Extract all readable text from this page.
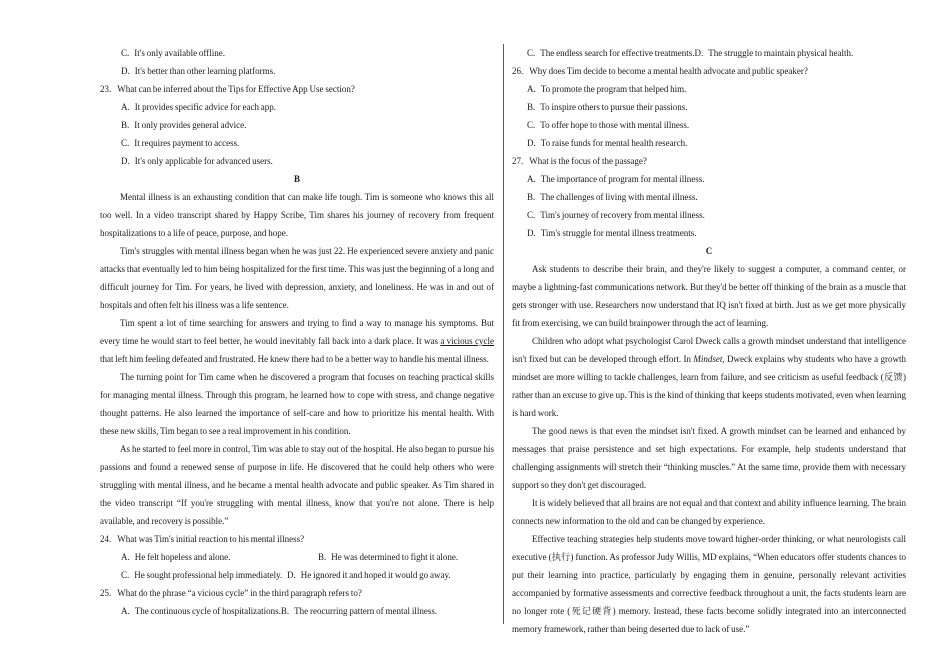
C. It's only available offline.
D. It's better than other learning platforms.
23. What can be inferred about the Tips for Effective App Use section?
A. It provides specific advice for each app.
B. It only provides general advice.
C. It requires payment to access.
D. It's only applicable for advanced users.
B

Mental illness is an exhausting condition that can make life tough. Tim is someone who knows this all too well. In a video transcript shared by Happy Scribe, Tim shares his journey of recovery from frequent hospitalizations to a life of peace, purpose, and hope.

Tim's struggles with mental illness began when he was just 22. He experienced severe anxiety and panic attacks that eventually led to him being hospitalized for the first time. This was just the beginning of a long and difficult journey for Tim. For years, he lived with depression, anxiety, and loneliness. He was in and out of hospitals and often felt his illness was a life sentence.

Tim spent a lot of time searching for answers and trying to find a way to manage his symptoms. But every time he would start to feel better, he would inevitably fall back into a dark place. It was a vicious cycle that left him feeling defeated and frustrated. He knew there had to be a better way to handle his mental illness.

The turning point for Tim came when he discovered a program that focuses on teaching practical skills for managing mental illness. Through this program, he learned how to cope with stress, and change negative thought patterns. He also learned the importance of self-care and how to prioritize his mental health. With these new skills, Tim began to see a real improvement in his condition.

As he started to feel more in control, Tim was able to stay out of the hospital. He also began to pursue his passions and found a renewed sense of purpose in life. He discovered that he could help others who were struggling with mental illness, and he became a mental health advocate and public speaker. As Tim shared in the video transcript “If you're struggling with mental illness, know that you're not alone. There is help available, and recovery is possible.”

24. What was Tim's initial reaction to his mental illness?
A. He felt hopeless and alone.	B. He was determined to fight it alone.
C. He sought professional help immediately. D. He ignored it and hoped it would go away.
25. What do the phrase “a vicious cycle” in the third paragraph refers to?
A. The continuous cycle of hospitalizations.B. The reocurring pattern of mental illness.
C. The endless search for effective treatments.D. The struggle to maintain physical health.
26. Why does Tim decide to become a mental health advocate and public speaker?
A. To promote the program that helped him.
B. To inspire others to pursue their passions.
C. To offer hope to those with mental illness.
D. To raise funds for mental health research.
27. What is the focus of the passage?
A. The importance of program for mental illness.
B. The challenges of living with mental illness.
C. Tim's journey of recovery from mental illness.
D. Tim's struggle for mental illness treatments.
C

Ask students to describe their brain, and they're likely to suggest a computer, a command center, or maybe a lightning-fast communications network. But they'd be better off thinking of the brain as a muscle that gets stronger with use. Researchers now understand that IQ isn't fixed at birth. Just as we get more physically fit from exercising, we can build brainpower through the act of learning.

Children who adopt what psychologist Carol Dweck calls a growth mindset understand that intelligence isn't fixed but can be developed through effort. In Mindset, Dweck explains why students who have a growth mindset are more willing to tackle challenges, learn from failure, and see criticism as useful feedback (反馈) rather than an excuse to give up. This is the kind of thinking that keeps students motivated, even when learning is hard work.

The good news is that even the mindset isn't fixed. A growth mindset can be learned and enhanced by messages that praise persistence and set high expectations. For example, help students understand that challenging assignments will stretch their “thinking muscles.” At the same time, provide them with necessary support so they don't get discouraged.

It is widely believed that all brains are not equal and that context and ability influence learning. The brain connects new information to the old and can be changed by experience.

Effective teaching strategies help students move toward higher-order thinking, or what neurologists call executive (执行) function. As professor Judy Willis, MD explains, “When educators offer students chances to put their learning into practice, particularly by engaging them in genuine, personally relevant activities accompanied by formative assessments and corrective feedback throughout a unit, the facts students learn are no longer rote (死记硬背) memory. Instead, these facts become solidly integrated into an interconnected memory framework, rather than being deserted due to lack of use.”
